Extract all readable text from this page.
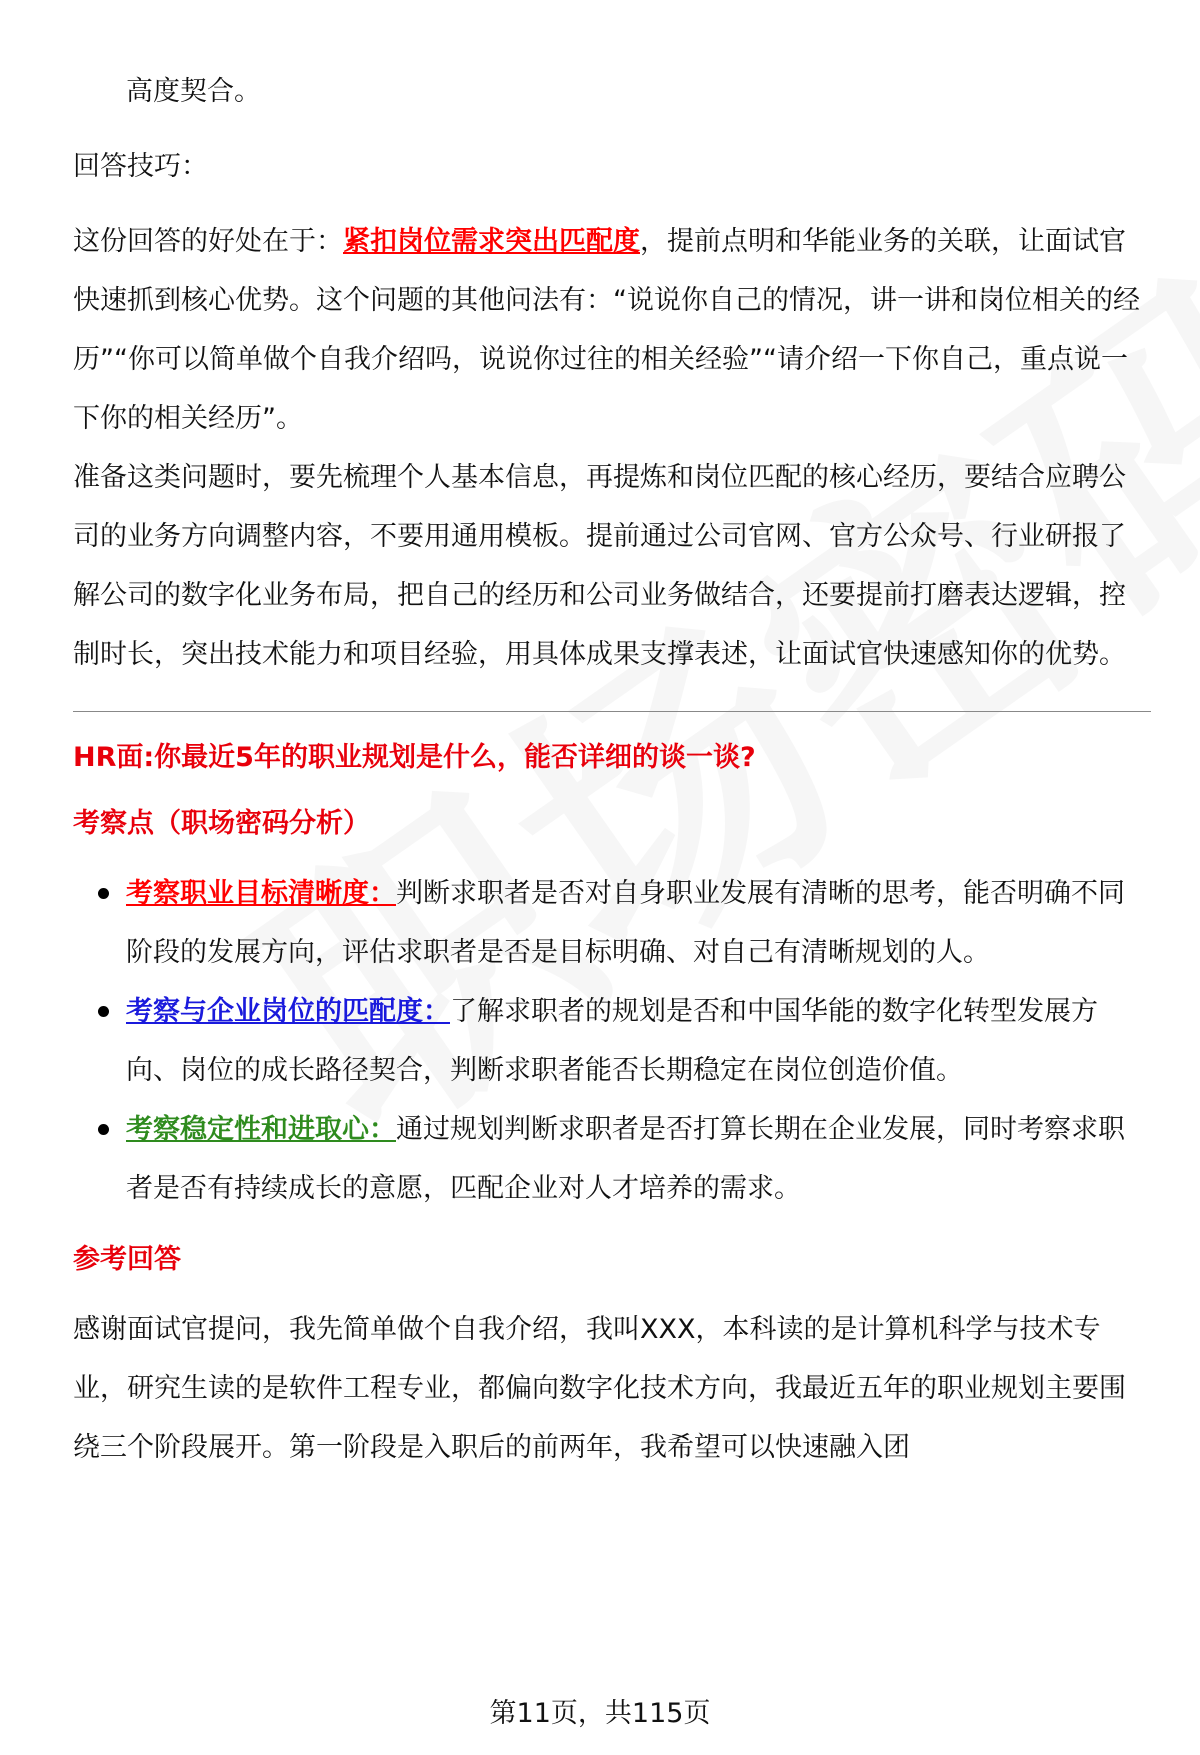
高度契合。

回答技巧：

这份回答的好处在于：紧扣岗位需求突出匹配度，提前点明和华能业务的关联，让面试官快速抓到核心优势。这个问题的其他问法有：“说说你自己的情况，讲一讲和岗位相关的经历”“你可以简单做个自我介绍吗，说说你过往的相关经验”“请介绍一下你自己，重点说一下你的相关经历”。

准备这类问题时，要先梳理个人基本信息，再提炼和岗位匹配的核心经历，要结合应聘公司的业务方向调整内容，不要用通用模板。提前通过公司官网、官方公众号、行业研报了解公司的数字化业务布局，把自己的经历和公司业务做结合，还要提前打磨表达逻辑，控制时长，突出技术能力和项目经验，用具体成果支撑表述，让面试官快速感知你的优势。

HR面:你最近5年的职业规划是什么，能否详细的谈一谈?

考察点（职场密码分析）

考察职业目标清晰度：判断求职者是否对自身职业发展有清晰的思考，能否明确不同阶段的发展方向，评估求职者是否是目标明确、对自己有清晰规划的人。
考察与企业岗位的匹配度：了解求职者的规划是否和中国华能的数字化转型发展方向、岗位的成长路径契合，判断求职者能否长期稳定在岗位创造价值。
考察稳定性和进取心：通过规划判断求职者是否打算长期在企业发展，同时考察求职者是否有持续成长的意愿，匹配企业对人才培养的需求。

参考回答

感谢面试官提问，我先简单做个自我介绍，我叫XXX，本科读的是计算机科学与技术专业，研究生读的是软件工程专业，都偏向数字化技术方向，我最近五年的职业规划主要围绕三个阶段展开。第一阶段是入职后的前两年，我希望可以快速融入团

第11页，共115页
